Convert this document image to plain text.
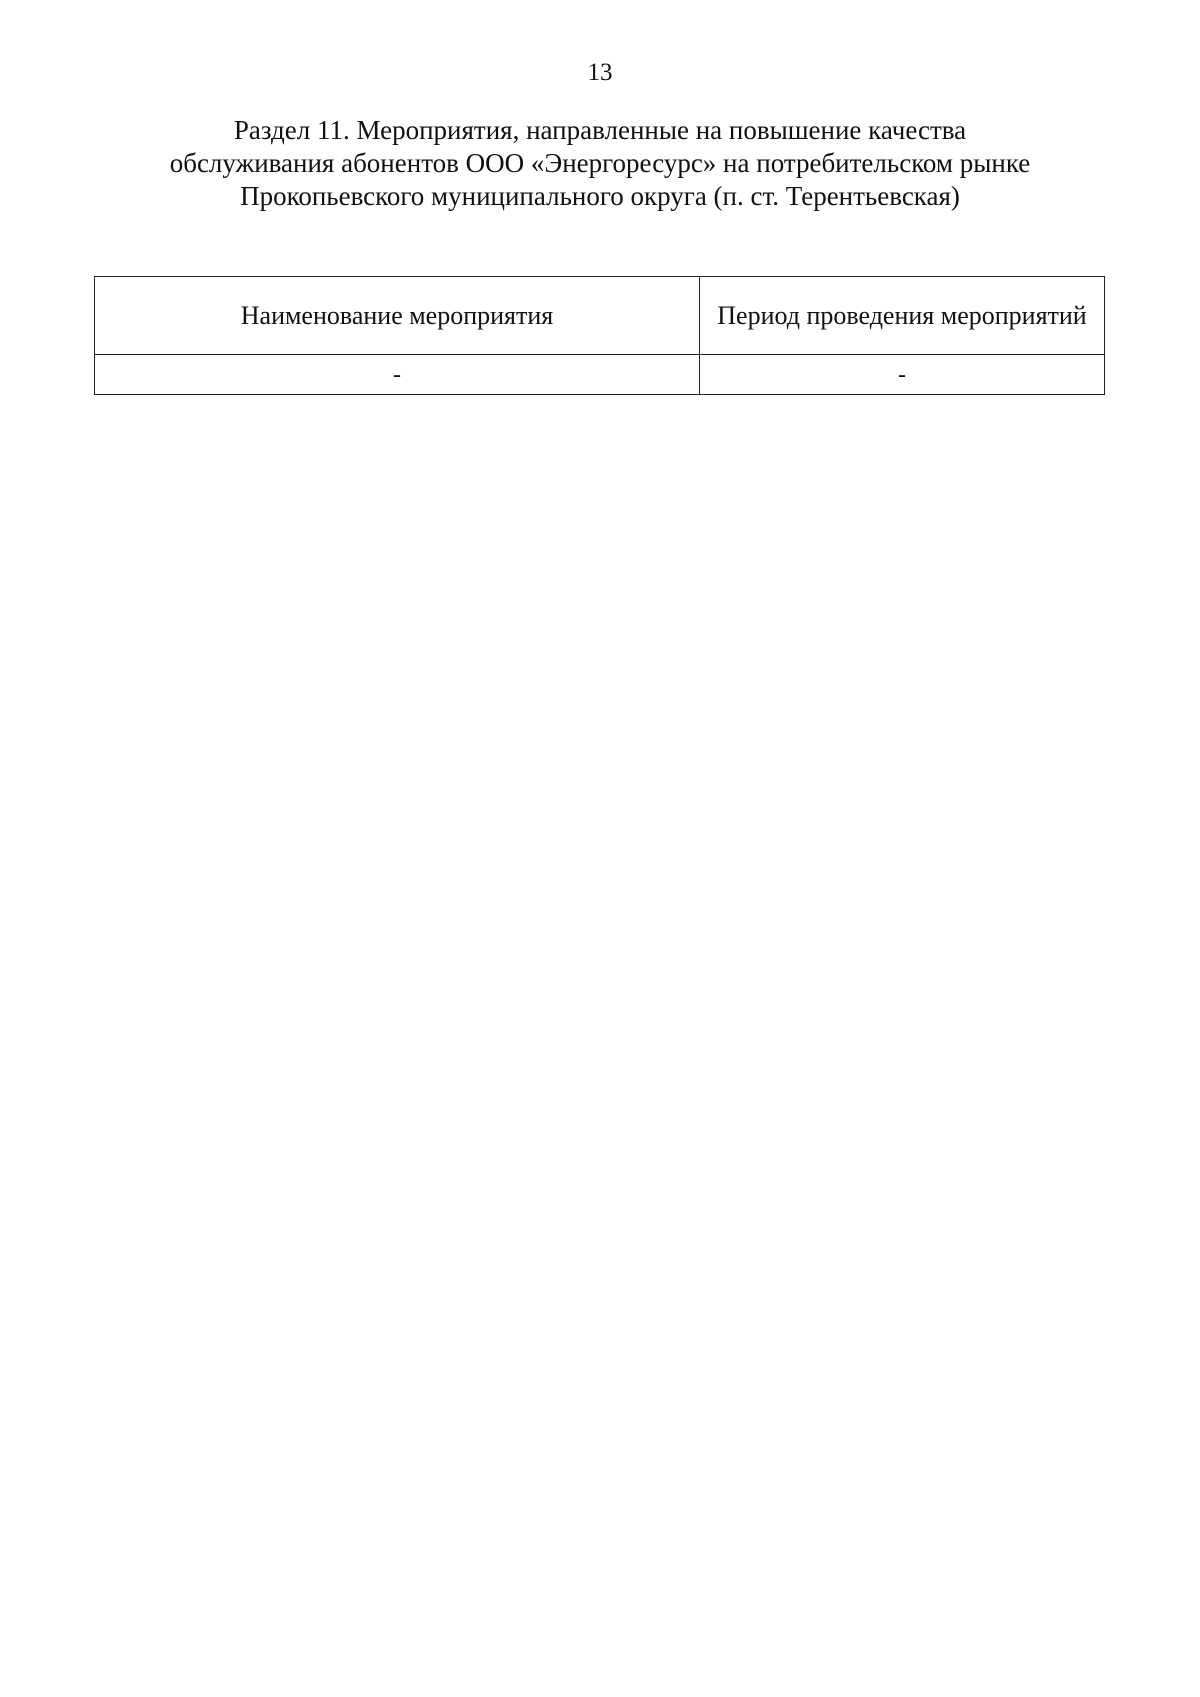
13
Раздел 11. Мероприятия, направленные на повышение качества
обслуживания абонентов ООО «Энергоресурс» на потребительском рынке
Прокопьевского муниципального округа (п. ст. Терентьевская)
Наименование мероприятия	Период проведения мероприятий
-	-
